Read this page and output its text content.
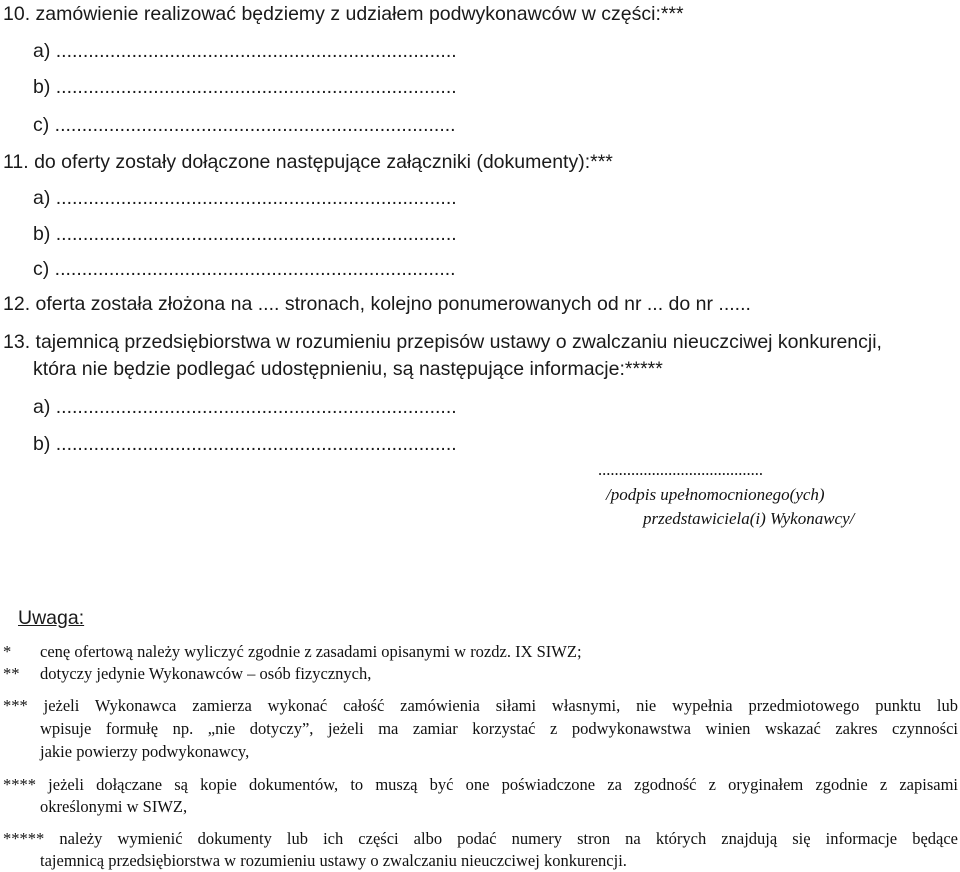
10. zamówienie realizować będziemy z udziałem podwykonawców w części:***
a) ..........................................................................
b) ..........................................................................
c) ..........................................................................
11. do oferty zostały dołączone następujące załączniki (dokumenty):***
a) ..........................................................................
b) ..........................................................................
c) ..........................................................................
12. oferta została złożona na .... stronach, kolejno ponumerowanych od nr ... do nr ......
13. tajemnicą przedsiębiorstwa w rozumieniu przepisów ustawy o zwalczaniu nieuczciwej konkurencji,
która nie będzie podlegać udostępnieniu, są następujące informacje:*****
a) ..........................................................................
b) ..........................................................................
........................................
/podpis upełnomocnionego(ych)
przedstawiciela(i) Wykonawcy/
Uwaga:
* cenę ofertową należy wyliczyć zgodnie z zasadami opisanymi w rozdz. IX SIWZ;
** dotyczy jedynie Wykonawców – osób fizycznych,
*** jeżeli Wykonawca zamierza wykonać całość zamówienia siłami własnymi, nie wypełnia przedmiotowego punktu lub
wpisuje formułę np. „nie dotyczy”, jeżeli ma zamiar korzystać z podwykonawstwa winien wskazać zakres czynności
jakie powierzy podwykonawcy,
**** jeżeli dołączane są kopie dokumentów, to muszą być one poświadczone za zgodność z oryginałem zgodnie z zapisami
określonymi w SIWZ,
***** należy wymienić dokumenty lub ich części albo podać numery stron na których znajdują się informacje będące
tajemnicą przedsiębiorstwa w rozumieniu ustawy o zwalczaniu nieuczciwej konkurencji.
